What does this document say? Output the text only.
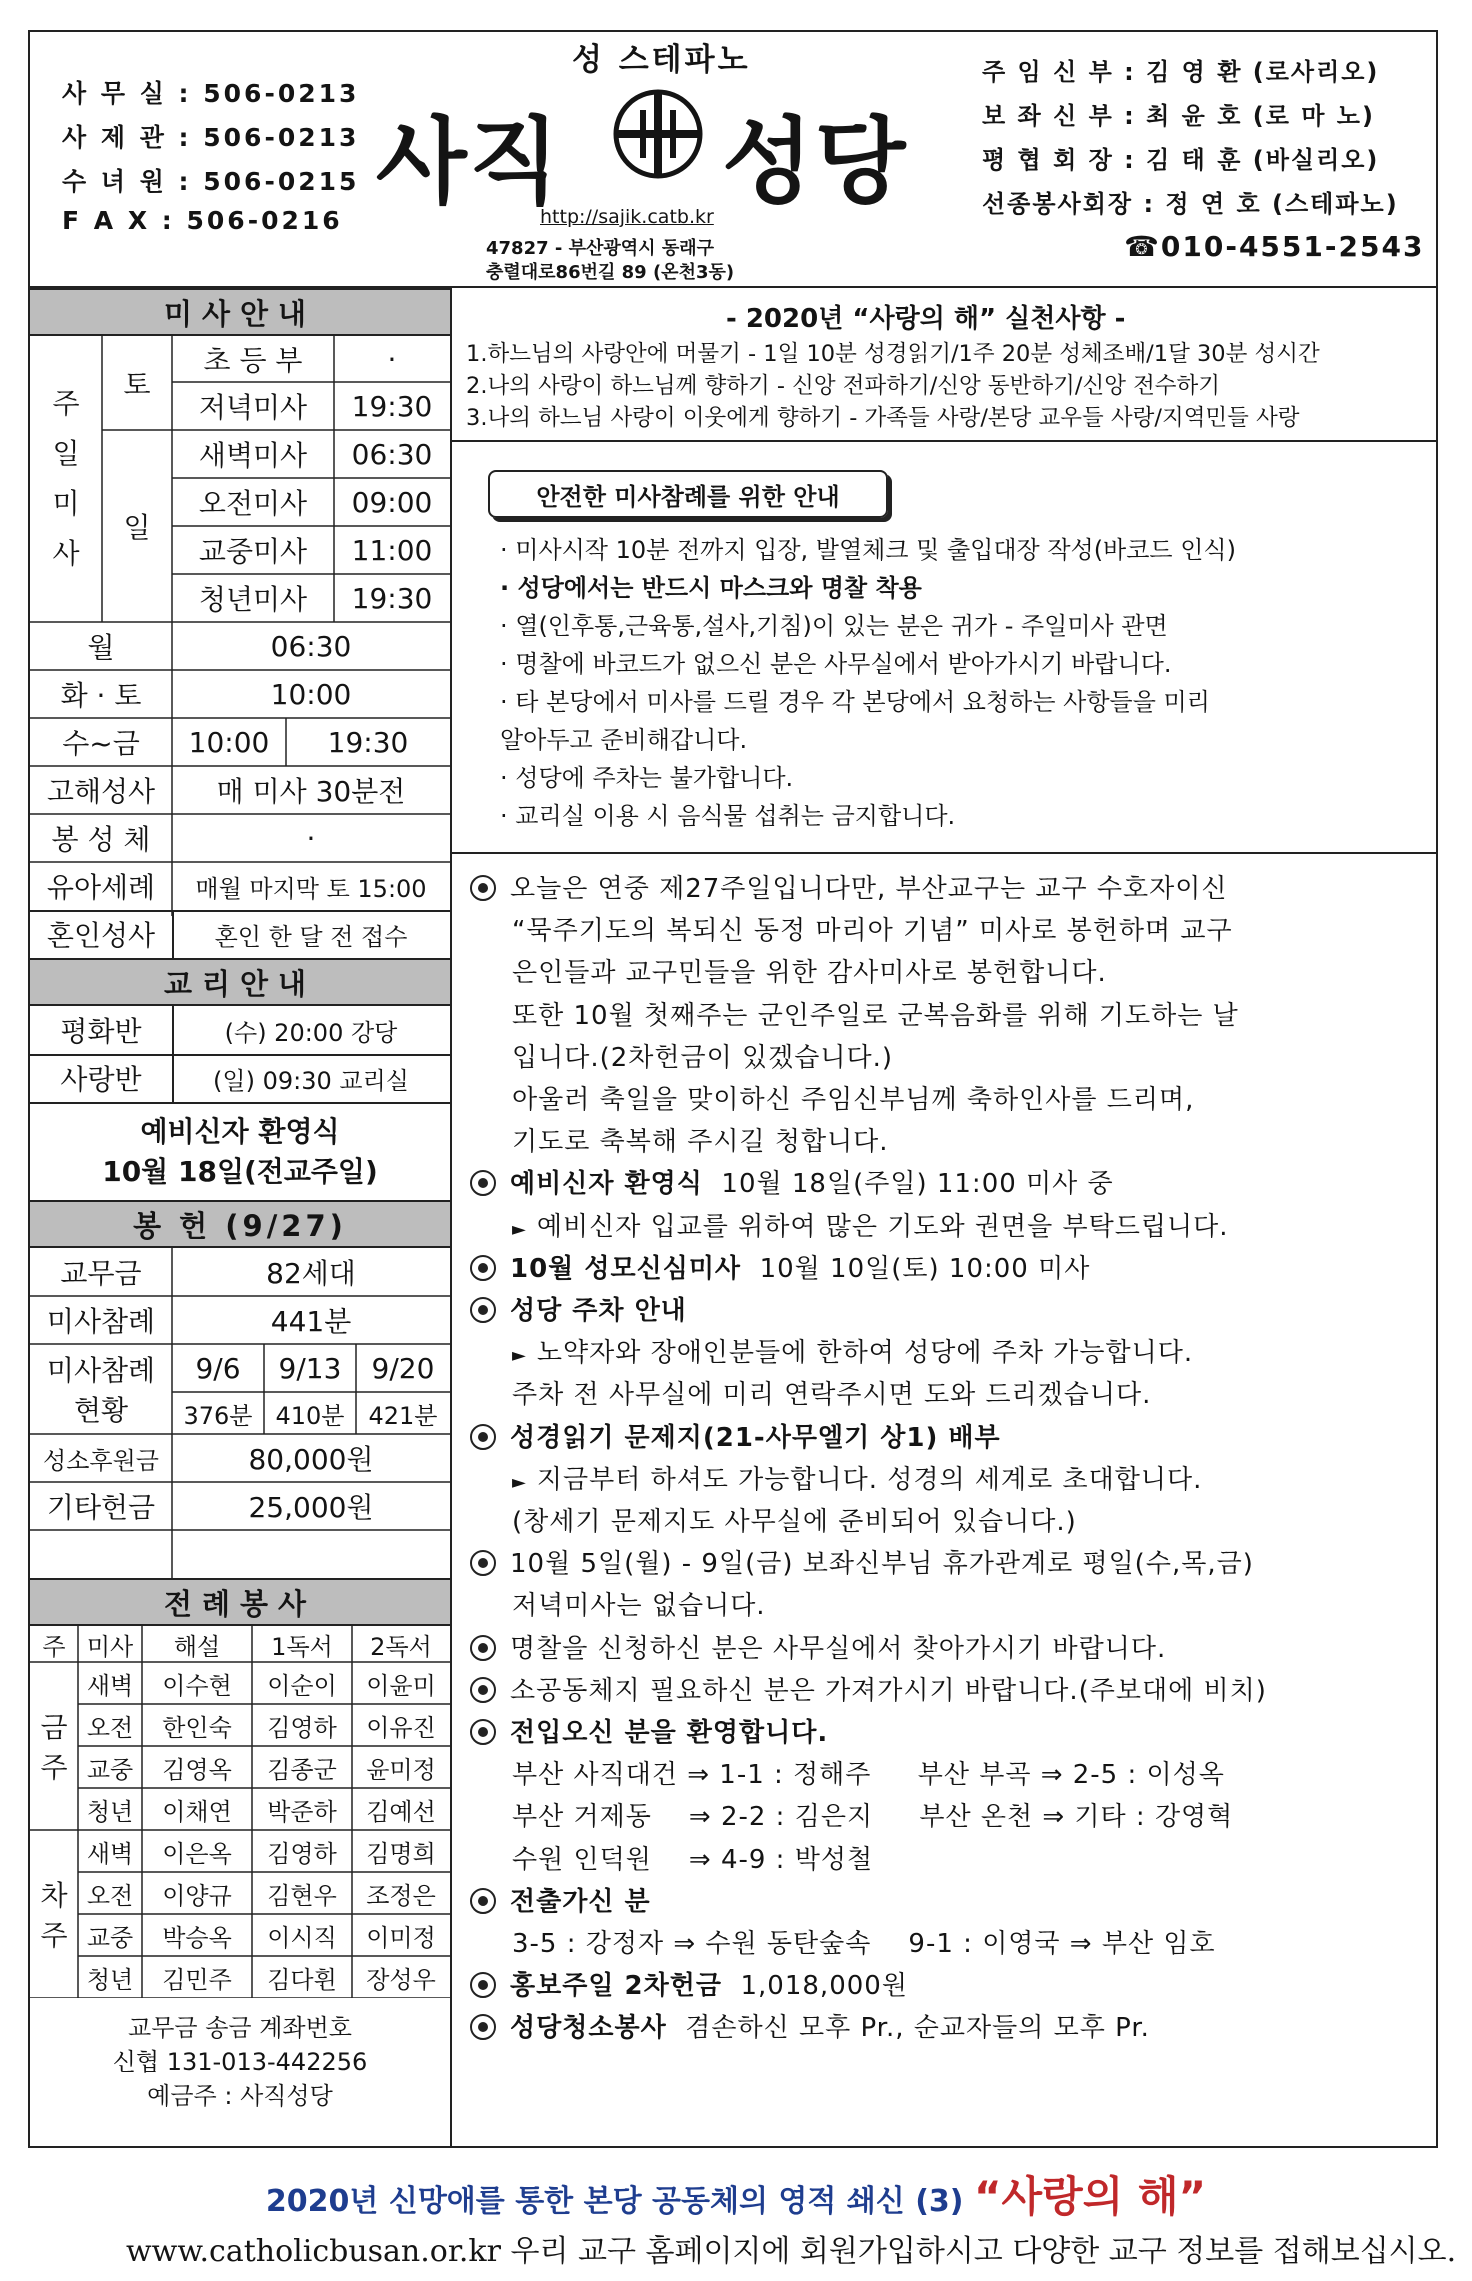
사 무 실 : 506-0213
사 제 관 : 506-0213
수 녀 원 : 506-0215
F A X : 506-0216
성 스테파노
사직 성당
http://sajik.catb.kr
47827 - 부산광역시 동래구
충렬대로86번길 89 (온천3동)
주 임 신 부 : 김 영 환 (로사리오)
보 좌 신 부 : 최 윤 호 (로 마 노)
평 협 회 장 : 김 태 훈 (바실리오)
선종봉사회장 : 정 연 호 (스테파노)
☎010-4551-2543
미사안내
주
일
미
사
토
일
초 등 부	·
저녁미사	19:30
새벽미사	06:30
오전미사	09:00
교중미사	11:00
청년미사	19:30
월	06:30
화 · 토	10:00
수~금	10:00	19:30
고해성사	매 미사 30분전
봉 성 체	·
유아세례	매월 마지막 토 15:00
혼인성사	혼인 한 달 전 접수
교리안내
평화반	(수) 20:00 강당
사랑반	(일) 09:30 교리실
예비신자 환영식
10월 18일(전교주일)
봉 헌 (9/27)
교무금	82세대
미사참례	441분
미사참례
현황
9/6	9/13	9/20
376분 410분	421분
성소후원금	80,000원
기타헌금	25,000원
전례봉사
주 미사	해설	1독서	2독서
금
주
차
주
새벽	이수현	이순이	이윤미
오전	한인숙	김영하	이유진
교중	김영옥	김종군	윤미정
청년	이채연	박준하	김예선
새벽	이은옥	김영하	김명희
오전	이양규	김현우	조정은
교중	박승옥	이시직	이미정
청년	김민주	김다휜	장성우
교무금 송금 계좌번호
신협 131-013-442256
예금주 : 사직성당
- 2020년 “사랑의 해” 실천사항 -
1.하느님의 사랑안에 머물기 - 1일 10분 성경읽기/1주 20분 성체조배/1달 30분 성시간
2.나의 사랑이 하느님께 향하기 - 신앙 전파하기/신앙 동반하기/신앙 전수하기
3.나의 하느님 사랑이 이웃에게 향하기 - 가족들 사랑/본당 교우들 사랑/지역민들 사랑
안전한 미사참례를 위한 안내
· 미사시작 10분 전까지 입장, 발열체크 및 출입대장 작성(바코드 인식)
· 성당에서는 반드시 마스크와 명찰 착용
· 열(인후통,근육통,설사,기침)이 있는 분은 귀가 - 주일미사 관면
· 명찰에 바코드가 없으신 분은 사무실에서 받아가시기 바랍니다.
· 타 본당에서 미사를 드릴 경우 각 본당에서 요청하는 사항들을 미리
알아두고 준비해갑니다.
· 성당에 주차는 불가합니다.
· 교리실 이용 시 음식물 섭취는 금지합니다.
오늘은 연중 제27주일입니다만, 부산교구는 교구 수호자이신
“묵주기도의 복되신 동정 마리아 기념” 미사로 봉헌하며 교구
은인들과 교구민들을 위한 감사미사로 봉헌합니다.
또한 10월 첫째주는 군인주일로 군복음화를 위해 기도하는 날
입니다.(2차헌금이 있겠습니다.)
아울러 축일을 맞이하신 주임신부님께 축하인사를 드리며,
기도로 축복해 주시길 청합니다.
예비신자 환영식  10월 18일(주일) 11:00 미사 중
► 예비신자 입교를 위하여 많은 기도와 권면을 부탁드립니다.
10월 성모신심미사  10월 10일(토) 10:00 미사
성당 주차 안내
► 노약자와 장애인분들에 한하여 성당에 주차 가능합니다.
주차 전 사무실에 미리 연락주시면 도와 드리겠습니다.
성경읽기 문제지(21-사무엘기 상1) 배부
► 지금부터 하셔도 가능합니다. 성경의 세계로 초대합니다.
(창세기 문제지도 사무실에 준비되어 있습니다.)
10월 5일(월) - 9일(금) 보좌신부님 휴가관계로 평일(수,목,금)
저녁미사는 없습니다.
명찰을 신청하신 분은 사무실에서 찾아가시기 바랍니다.
소공동체지 필요하신 분은 가져가시기 바랍니다.(주보대에 비치)
전입오신 분을 환영합니다.
부산 사직대건 ⇒ 1-1 : 정해주     부산 부곡 ⇒ 2-5 : 이성옥
부산 거제동    ⇒ 2-2 : 김은지     부산 온천 ⇒ 기타 : 강영혁
수원 인덕원    ⇒ 4-9 : 박성철
전출가신 분
3-5 : 강정자 ⇒ 수원 동탄숲속    9-1 : 이영국 ⇒ 부산 임호
홍보주일 2차헌금  1,018,000원
성당청소봉사  겸손하신 모후 Pr., 순교자들의 모후 Pr.
2020년 신망애를 통한 본당 공동체의 영적 쇄신 (3) “사랑의 해”
www.catholicbusan.or.kr 우리 교구 홈페이지에 회원가입하시고 다양한 교구 정보를 접해보십시오.
